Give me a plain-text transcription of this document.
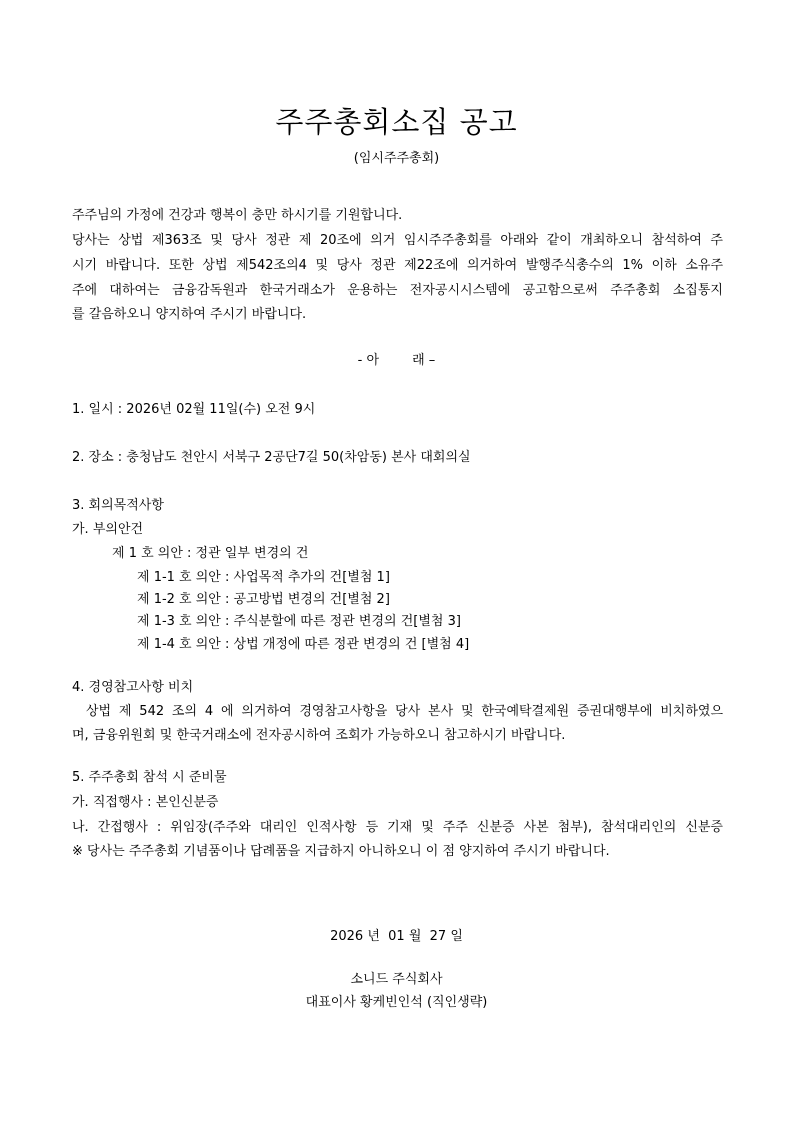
주주총회소집 공고
(임시주주총회)
주주님의 가정에 건강과 행복이 충만 하시기를 기원합니다.
당사는 상법 제363조 및 당사 정관 제 20조에 의거 임시주주총회를 아래와 같이 개최하오니 참석하여 주
시기 바랍니다. 또한 상법 제542조의4 및 당사 정관 제22조에 의거하여 발행주식총수의 1% 이하 소유주
주에 대하여는 금융감독원과 한국거래소가 운용하는 전자공시시스템에 공고함으로써 주주총회 소집통지
를 갈음하오니 양지하여 주시기 바랍니다.
- 아        래 –
1. 일시 : 2026년 02월 11일(수) 오전 9시
2. 장소 : 충청남도 천안시 서북구 2공단7길 50(차암동) 본사 대회의실
3. 회의목적사항
가. 부의안건
제 1 호 의안 : 정관 일부 변경의 건
제 1-1 호 의안 : 사업목적 추가의 건[별첨 1]
제 1-2 호 의안 : 공고방법 변경의 건[별첨 2]
제 1-3 호 의안 : 주식분할에 따른 정관 변경의 건[별첨 3]
제 1-4 호 의안 : 상법 개정에 따른 정관 변경의 건 [별첨 4]
4. 경영참고사항 비치
상법 제 542 조의 4 에 의거하여 경영참고사항을 당사 본사 및 한국예탁결제원 증권대행부에 비치하였으
며, 금융위원회 및 한국거래소에 전자공시하여 조회가 가능하오니 참고하시기 바랍니다.
5. 주주총회 참석 시 준비물
가. 직접행사 : 본인신분증
나. 간접행사 : 위임장(주주와 대리인 인적사항 등 기재 및 주주 신분증 사본 첨부), 참석대리인의 신분증
※ 당사는 주주총회 기념품이나 답례품을 지급하지 아니하오니 이 점 양지하여 주시기 바랍니다.
2026 년  01 월  27 일
소니드 주식회사
대표이사 황케빈인석 (직인생략)
